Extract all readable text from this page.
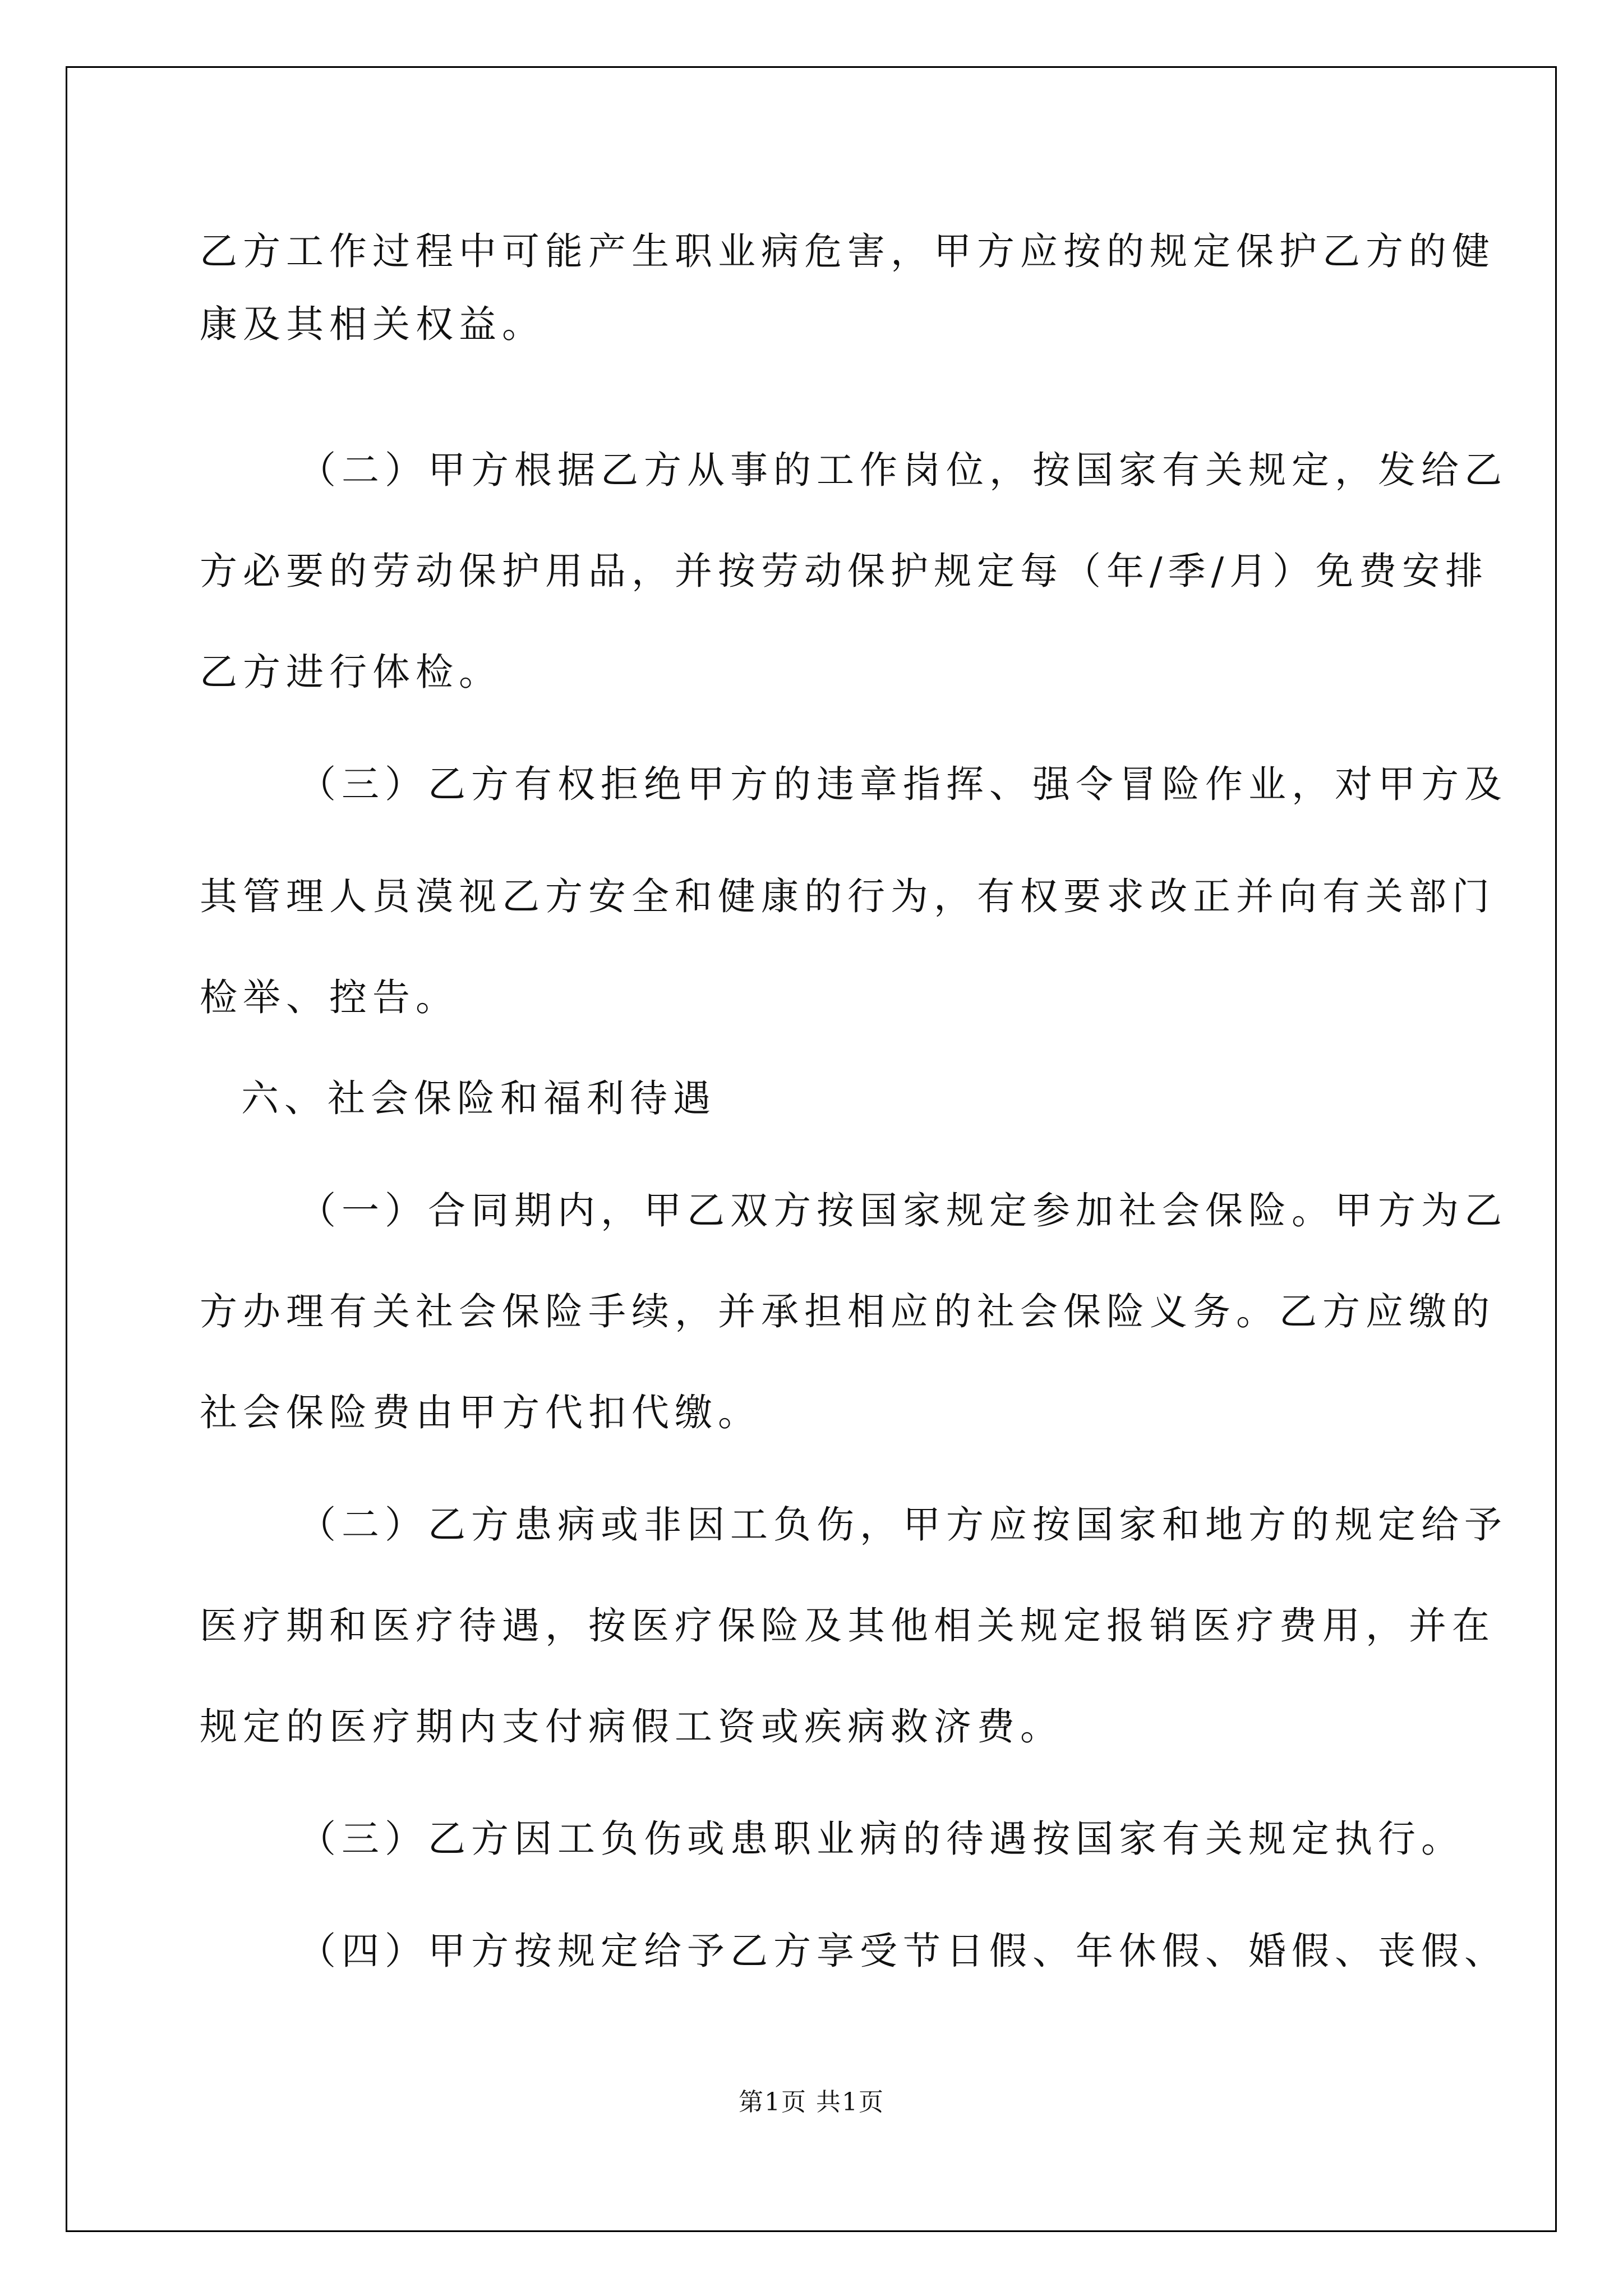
乙方工作过程中可能产生职业病危害，甲方应按的规定保护乙方的健
康及其相关权益。
（二）甲方根据乙方从事的工作岗位，按国家有关规定，发给乙
方必要的劳动保护用品，并按劳动保护规定每（年/季/月）免费安排
乙方进行体检。
（三）乙方有权拒绝甲方的违章指挥、强令冒险作业，对甲方及
其管理人员漠视乙方安全和健康的行为，有权要求改正并向有关部门
检举、控告。
六、社会保险和福利待遇
（一）合同期内，甲乙双方按国家规定参加社会保险。甲方为乙
方办理有关社会保险手续，并承担相应的社会保险义务。乙方应缴的
社会保险费由甲方代扣代缴。
（二）乙方患病或非因工负伤，甲方应按国家和地方的规定给予
医疗期和医疗待遇，按医疗保险及其他相关规定报销医疗费用，并在
规定的医疗期内支付病假工资或疾病救济费。
（三）乙方因工负伤或患职业病的待遇按国家有关规定执行。
（四）甲方按规定给予乙方享受节日假、年休假、婚假、丧假、
第1页 共1页
